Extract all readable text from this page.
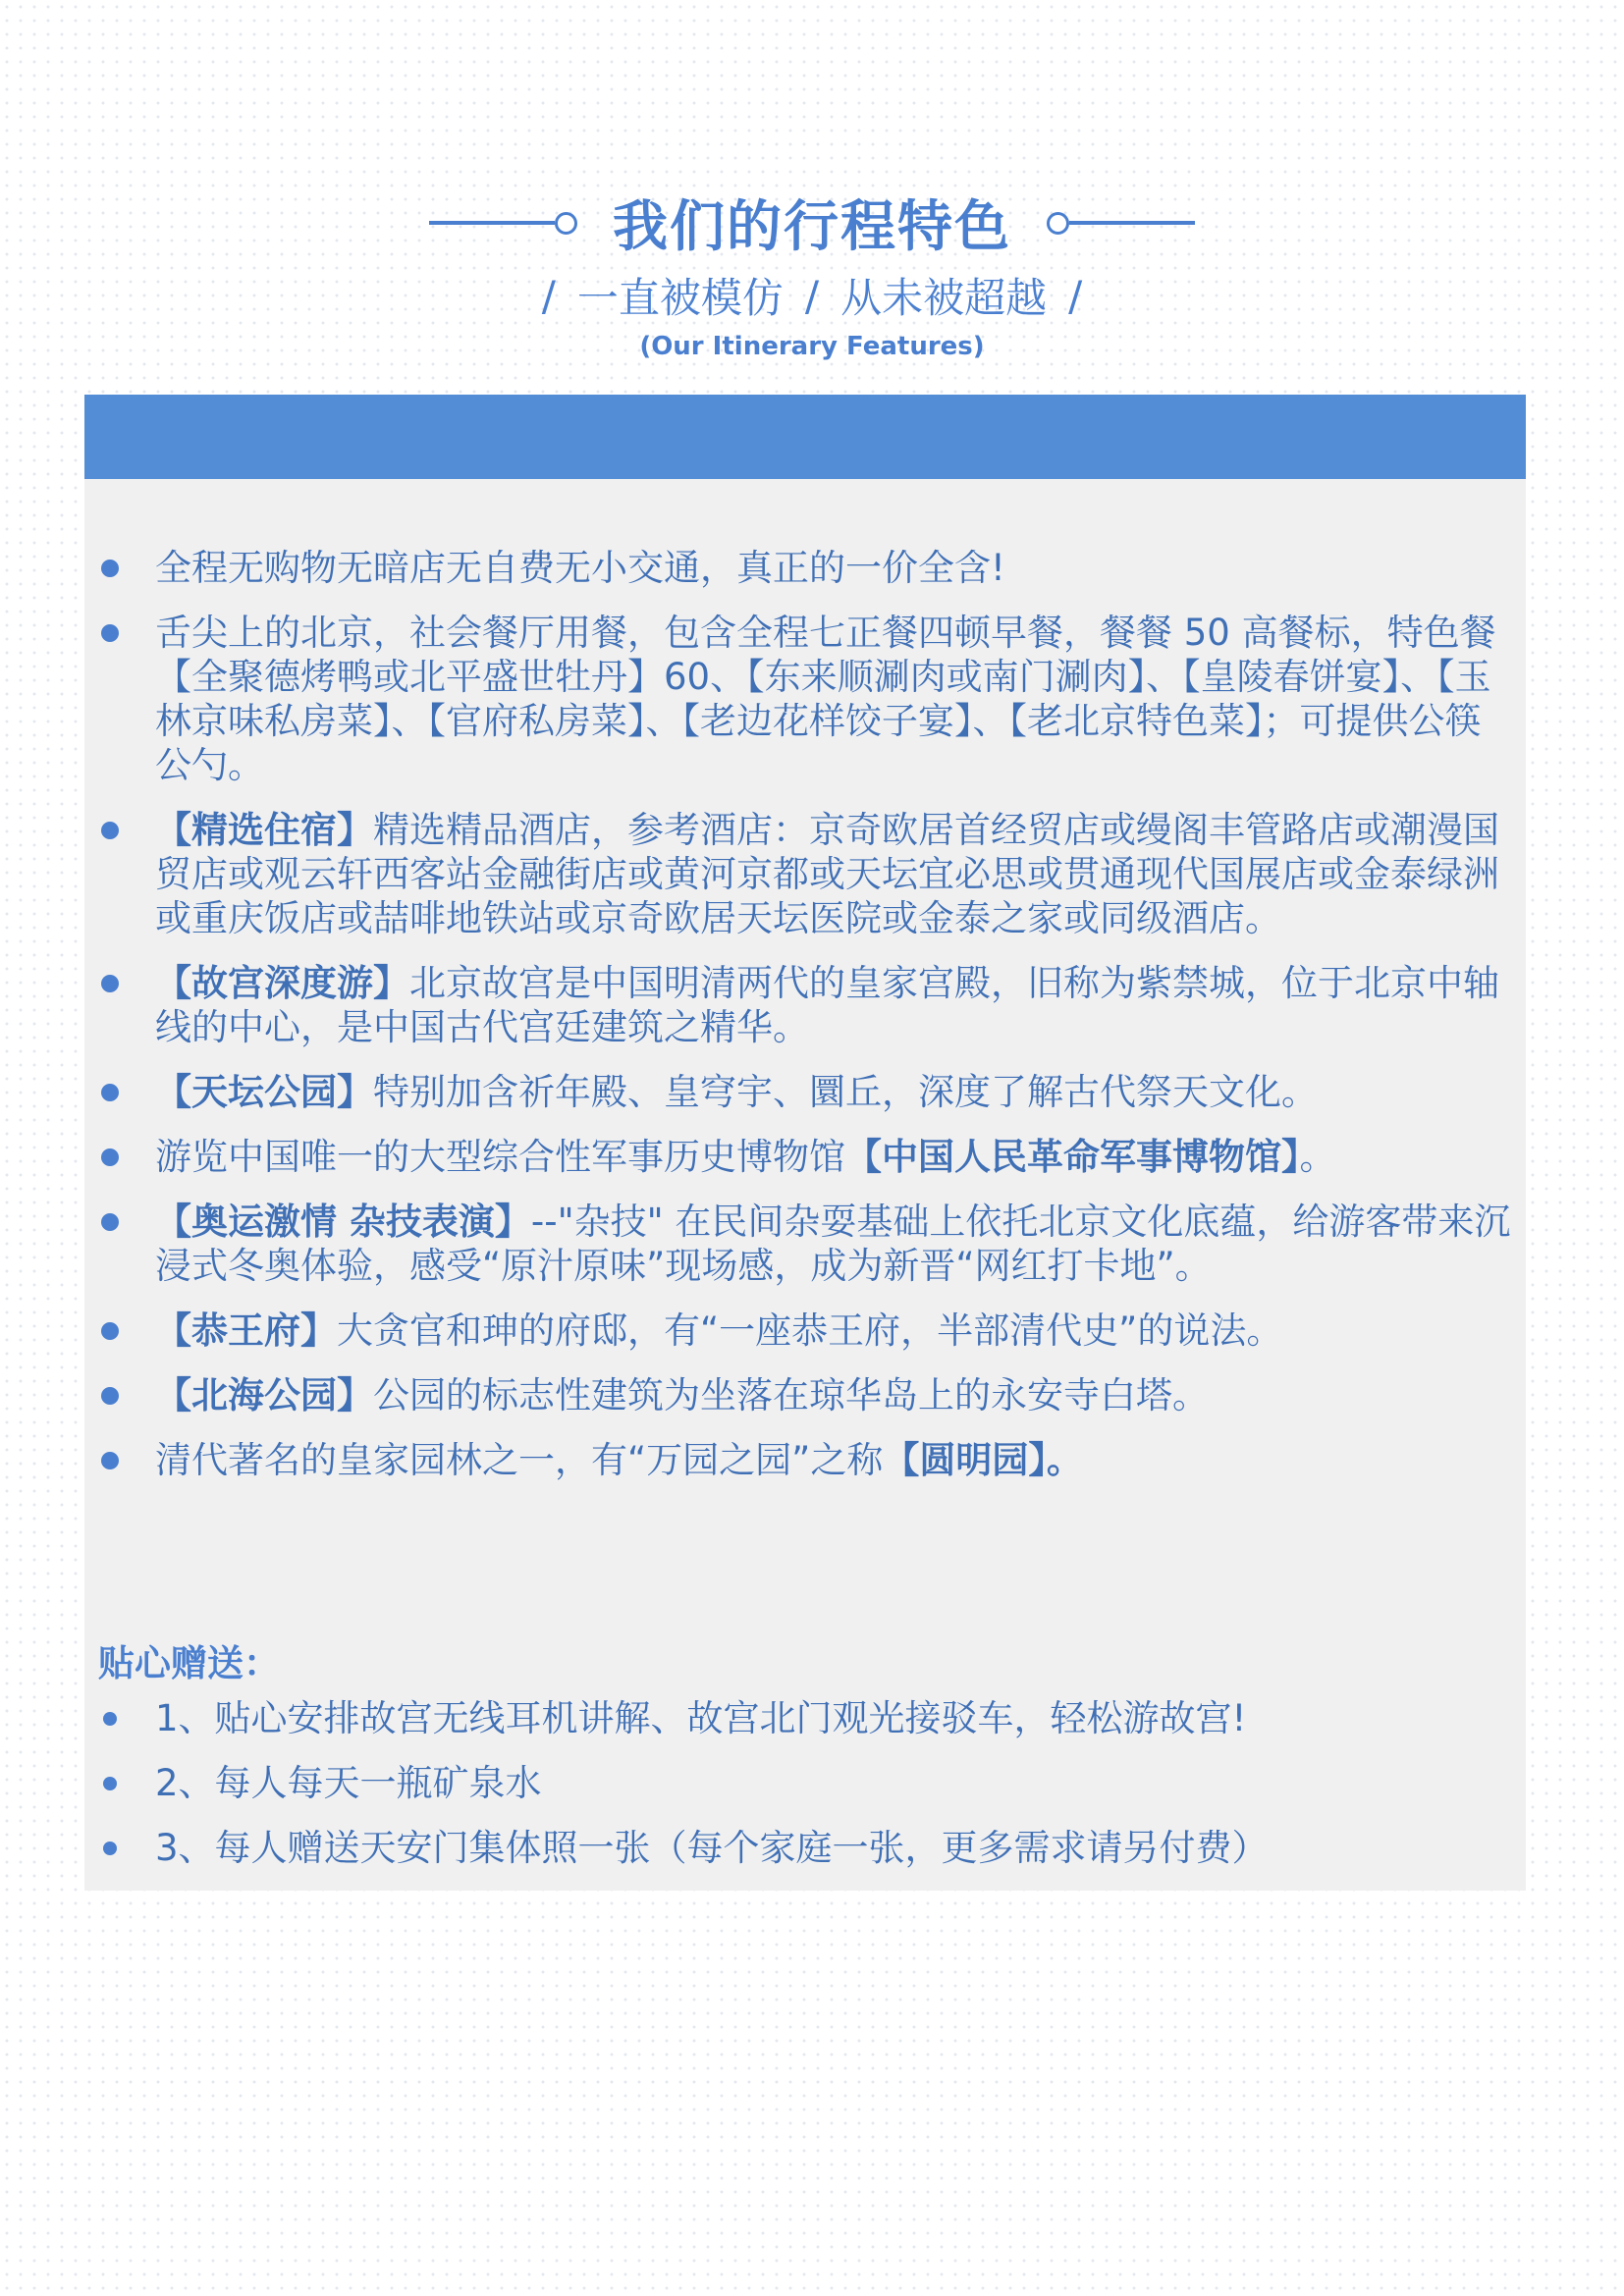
我们的行程特色
/ 一直被模仿 / 从未被超越 /
(Our Itinerary Features)
全程无购物无暗店无自费无小交通，真正的一价全含!
舌尖上的北京，社会餐厅用餐，包含全程七正餐四顿早餐，餐餐 50 高餐标，特色餐【全聚德烤鸭或北平盛世牡丹】60、【东来顺涮肉或南门涮肉】、【皇陵春饼宴】、【玉林京味私房菜】、【官府私房菜】、【老边花样饺子宴】、【老北京特色菜】；可提供公筷公勺。
【精选住宿】精选精品酒店，参考酒店：京奇欧居首经贸店或缦阁丰管路店或潮漫国贸店或观云轩西客站金融街店或黄河京都或天坛宜必思或贯通现代国展店或金泰绿洲或重庆饭店或喆啡地铁站或京奇欧居天坛医院或金泰之家或同级酒店。
【故宫深度游】北京故宫是中国明清两代的皇家宫殿，旧称为紫禁城，位于北京中轴线的中心，是中国古代宫廷建筑之精华。
【天坛公园】特别加含祈年殿、皇穹宇、圜丘，深度了解古代祭天文化。
游览中国唯一的大型综合性军事历史博物馆【中国人民革命军事博物馆】。
【奥运激情 杂技表演】--"杂技" 在民间杂耍基础上依托北京文化底蕴，给游客带来沉浸式冬奥体验，感受“原汁原味”现场感，成为新晋“网红打卡地”。
【恭王府】大贪官和珅的府邸，有“一座恭王府，半部清代史”的说法。
【北海公园】公园的标志性建筑为坐落在琼华岛上的永安寺白塔。
清代著名的皇家园林之一，有“万园之园”之称【圆明园】。
贴心赠送：
1、贴心安排故宫无线耳机讲解、故宫北门观光接驳车，轻松游故宫!
2、每人每天一瓶矿泉水
3、每人赠送天安门集体照一张（每个家庭一张，更多需求请另付费）
